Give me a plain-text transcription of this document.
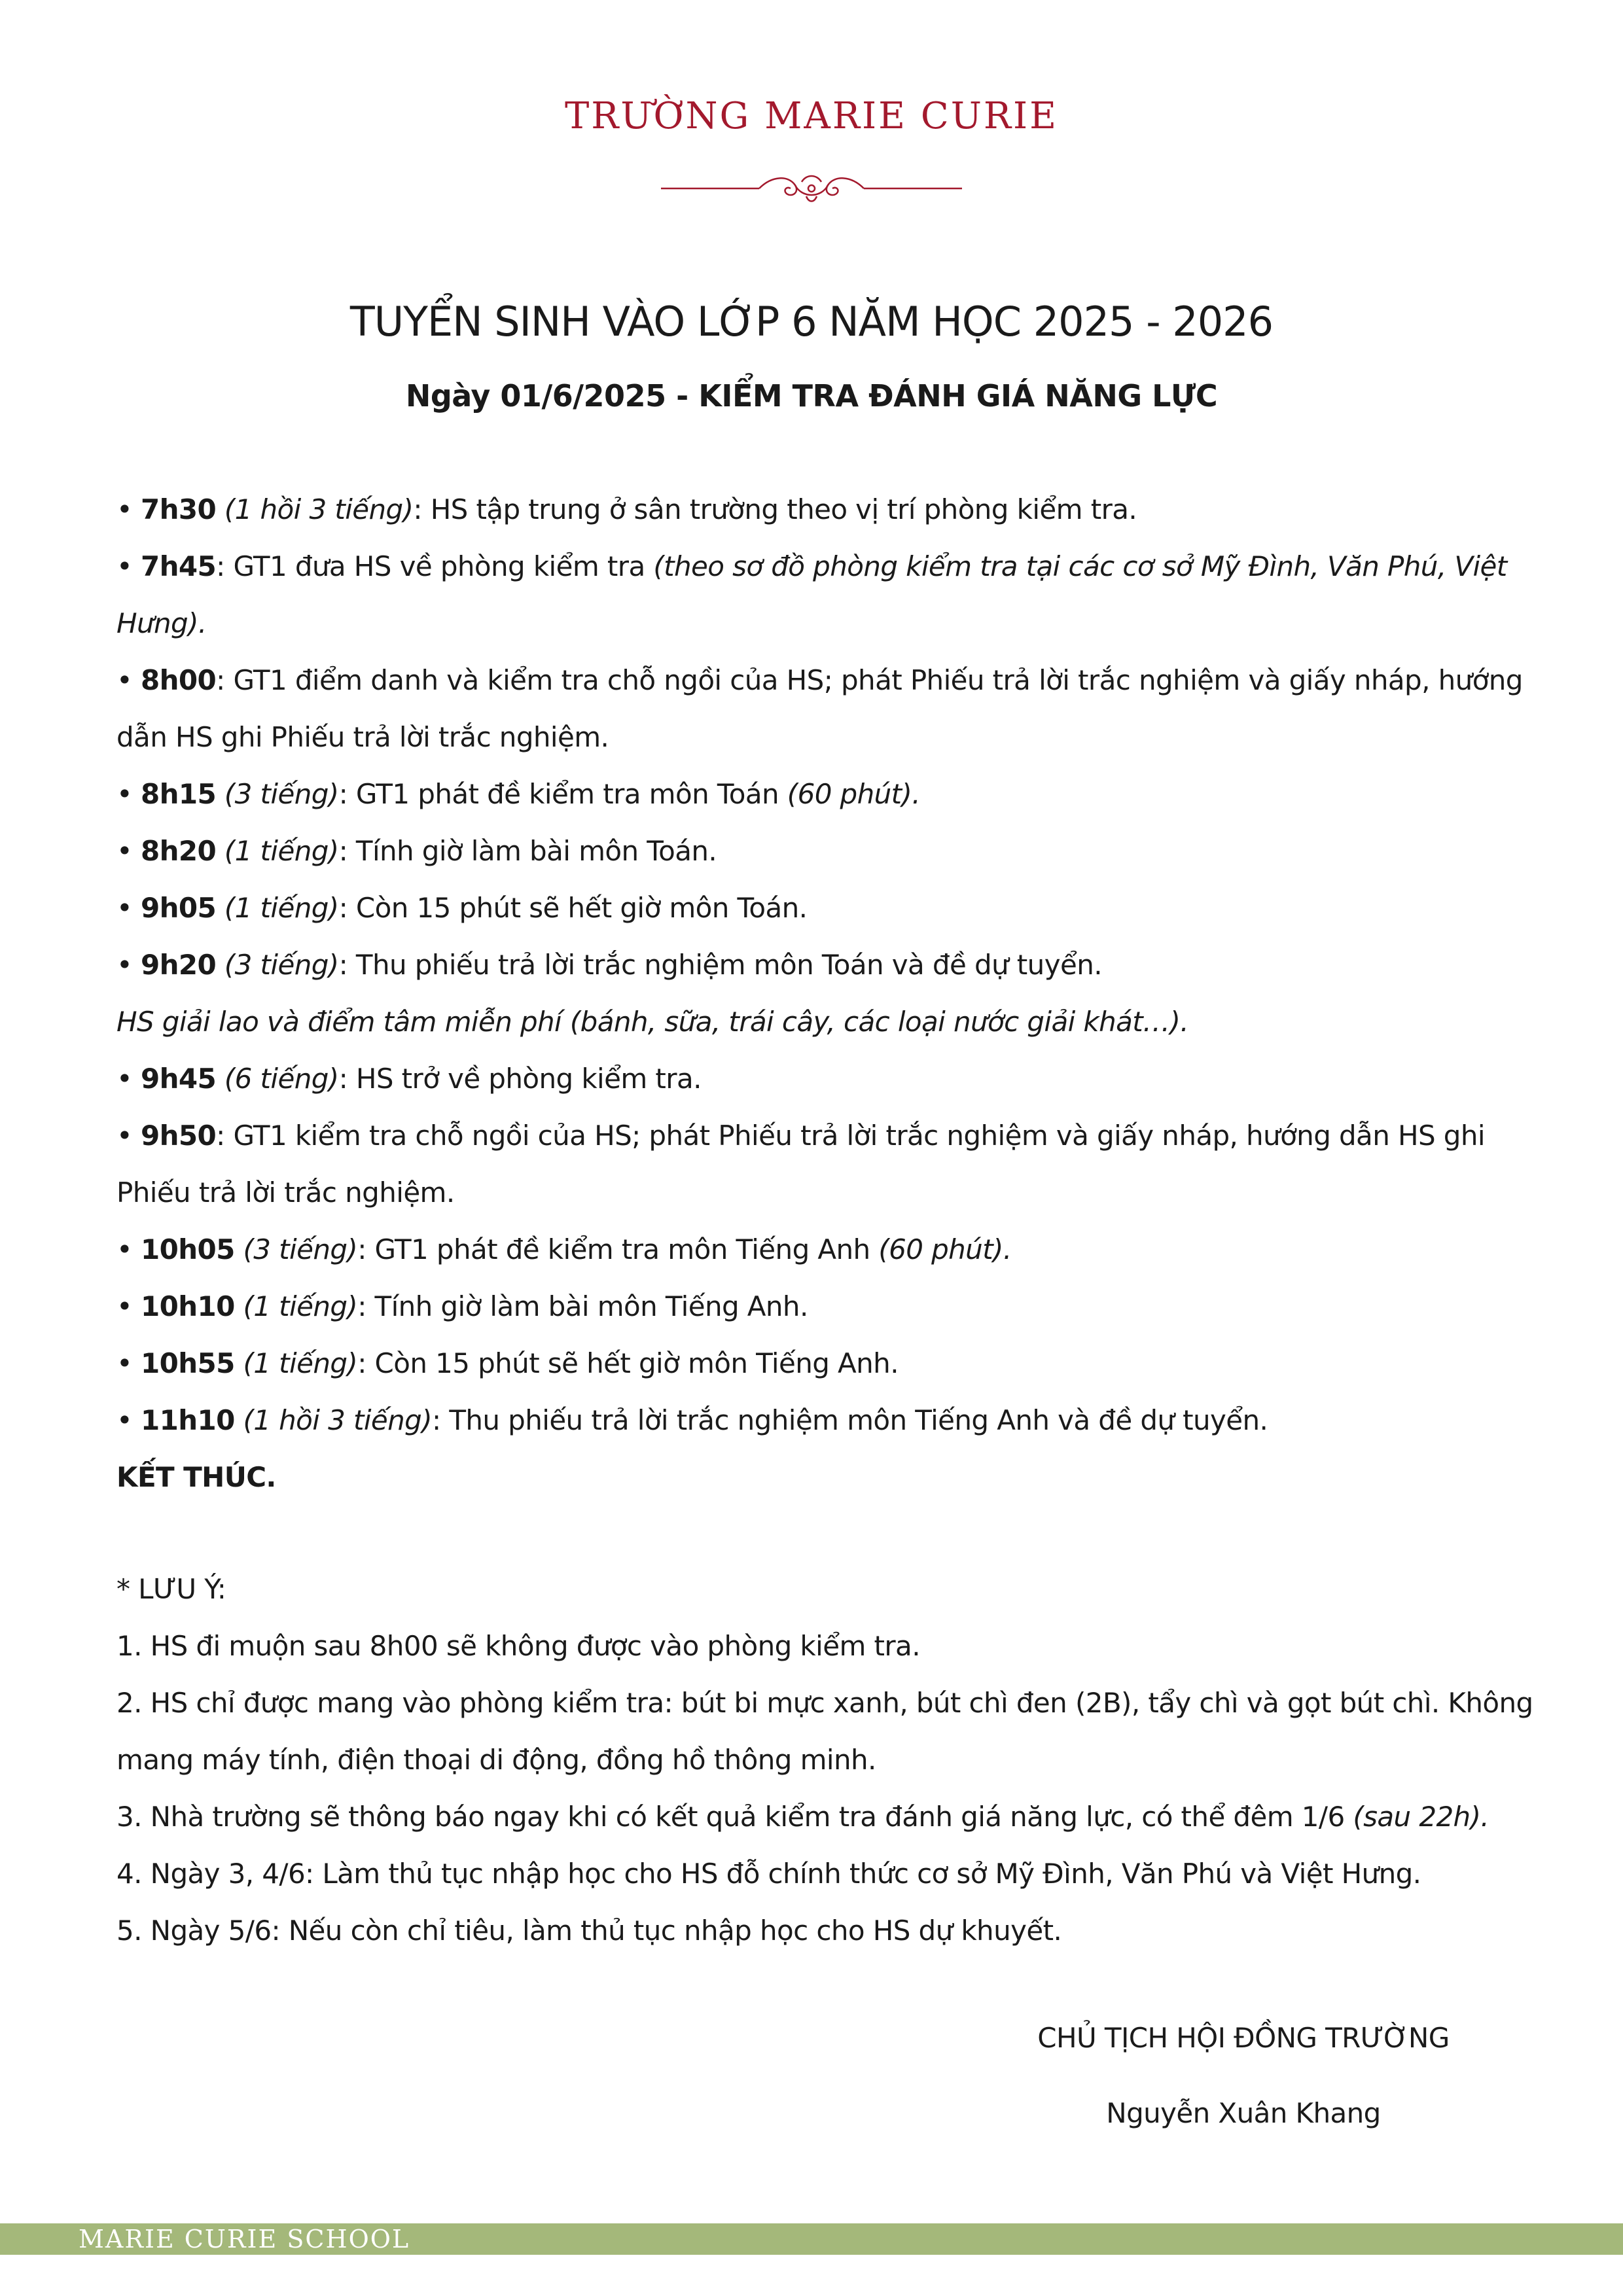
TRƯỜNG MARIE CURIE
TUYỂN SINH VÀO LỚP 6 NĂM HỌC 2025 - 2026
Ngày 01/6/2025 - KIỂM TRA ĐÁNH GIÁ NĂNG LỰC

• 7h30 (1 hồi 3 tiếng): HS tập trung ở sân trường theo vị trí phòng kiểm tra.

• 7h45: GT1 đưa HS về phòng kiểm tra (theo sơ đồ phòng kiểm tra tại các cơ sở Mỹ Đình, Văn Phú, Việt Hưng).

• 8h00: GT1 điểm danh và kiểm tra chỗ ngồi của HS; phát Phiếu trả lời trắc nghiệm và giấy nháp, hướng dẫn HS ghi Phiếu trả lời trắc nghiệm.

• 8h15 (3 tiếng): GT1 phát đề kiểm tra môn Toán (60 phút).

• 8h20 (1 tiếng): Tính giờ làm bài môn Toán.

• 9h05 (1 tiếng): Còn 15 phút sẽ hết giờ môn Toán.

• 9h20 (3 tiếng): Thu phiếu trả lời trắc nghiệm môn Toán và đề dự tuyển.

HS giải lao và điểm tâm miễn phí (bánh, sữa, trái cây, các loại nước giải khát…).

• 9h45 (6 tiếng): HS trở về phòng kiểm tra.

• 9h50: GT1 kiểm tra chỗ ngồi của HS; phát Phiếu trả lời trắc nghiệm và giấy nháp, hướng dẫn HS ghi Phiếu trả lời trắc nghiệm.

• 10h05 (3 tiếng): GT1 phát đề kiểm tra môn Tiếng Anh (60 phút).

• 10h10 (1 tiếng): Tính giờ làm bài môn Tiếng Anh.

• 10h55 (1 tiếng): Còn 15 phút sẽ hết giờ môn Tiếng Anh.

• 11h10 (1 hồi 3 tiếng): Thu phiếu trả lời trắc nghiệm môn Tiếng Anh và đề dự tuyển.

KẾT THÚC.

* LƯU Ý:

1. HS đi muộn sau 8h00 sẽ không được vào phòng kiểm tra.

2. HS chỉ được mang vào phòng kiểm tra: bút bi mực xanh, bút chì đen (2B), tẩy chì và gọt bút chì. Không mang máy tính, điện thoại di động, đồng hồ thông minh.

3. Nhà trường sẽ thông báo ngay khi có kết quả kiểm tra đánh giá năng lực, có thể đêm 1/6 (sau 22h).

4. Ngày 3, 4/6: Làm thủ tục nhập học cho HS đỗ chính thức cơ sở Mỹ Đình, Văn Phú và Việt Hưng.

5. Ngày 5/6: Nếu còn chỉ tiêu, làm thủ tục nhập học cho HS dự khuyết.

CHỦ TỊCH HỘI ĐỒNG TRƯỜNG

Nguyễn Xuân Khang

MARIE CURIE SCHOOL
